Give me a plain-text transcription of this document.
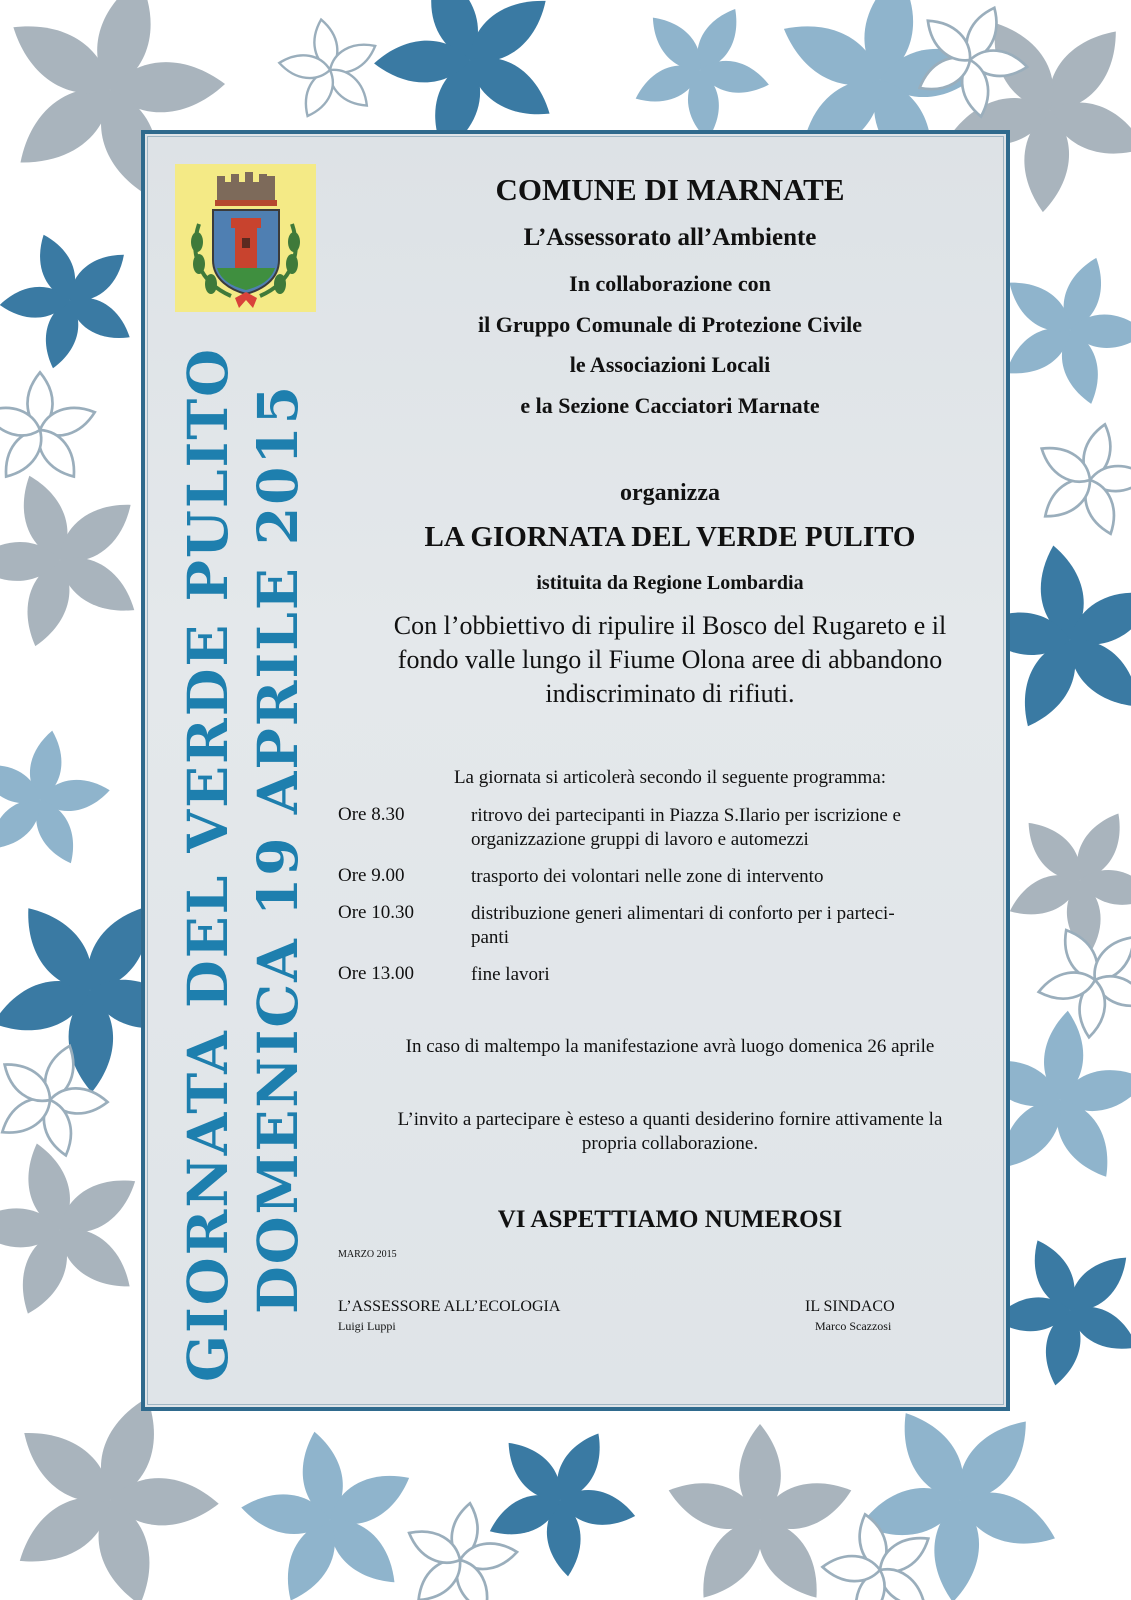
GIORNATA DEL VERDE PULITO DOMENICA 19 APRILE 2015
COMUNE DI MARNATE
L’Assessorato all’Ambiente
In collaborazione con
il Gruppo Comunale di Protezione Civile
le Associazioni Locali
e la Sezione Cacciatori Marnate
organizza
LA GIORNATA DEL VERDE PULITO
istituita da Regione Lombardia
Con l’obbiettivo di ripulire il Bosco del Rugareto e il
fondo valle lungo il Fiume Olona aree di abbandono
indiscriminato di rifiuti.
La giornata si articolerà secondo il seguente programma:
Ore 8.30	ritrovo dei partecipanti in Piazza S.Ilario per iscrizione e
organizzazione gruppi di lavoro e automezzi
Ore 9.00	trasporto dei volontari nelle zone di intervento
Ore 10.30	distribuzione generi alimentari di conforto per i parteci-
panti
Ore 13.00	fine lavori
In caso di maltempo la manifestazione avrà luogo domenica 26 aprile
L’invito a partecipare è esteso a quanti desiderino fornire attivamente la
propria collaborazione.
VI ASPETTIAMO NUMEROSI
MARZO 2015
L’ASSESSORE ALL’ECOLOGIA
Luigi Luppi
IL SINDACO
Marco Scazzosi
